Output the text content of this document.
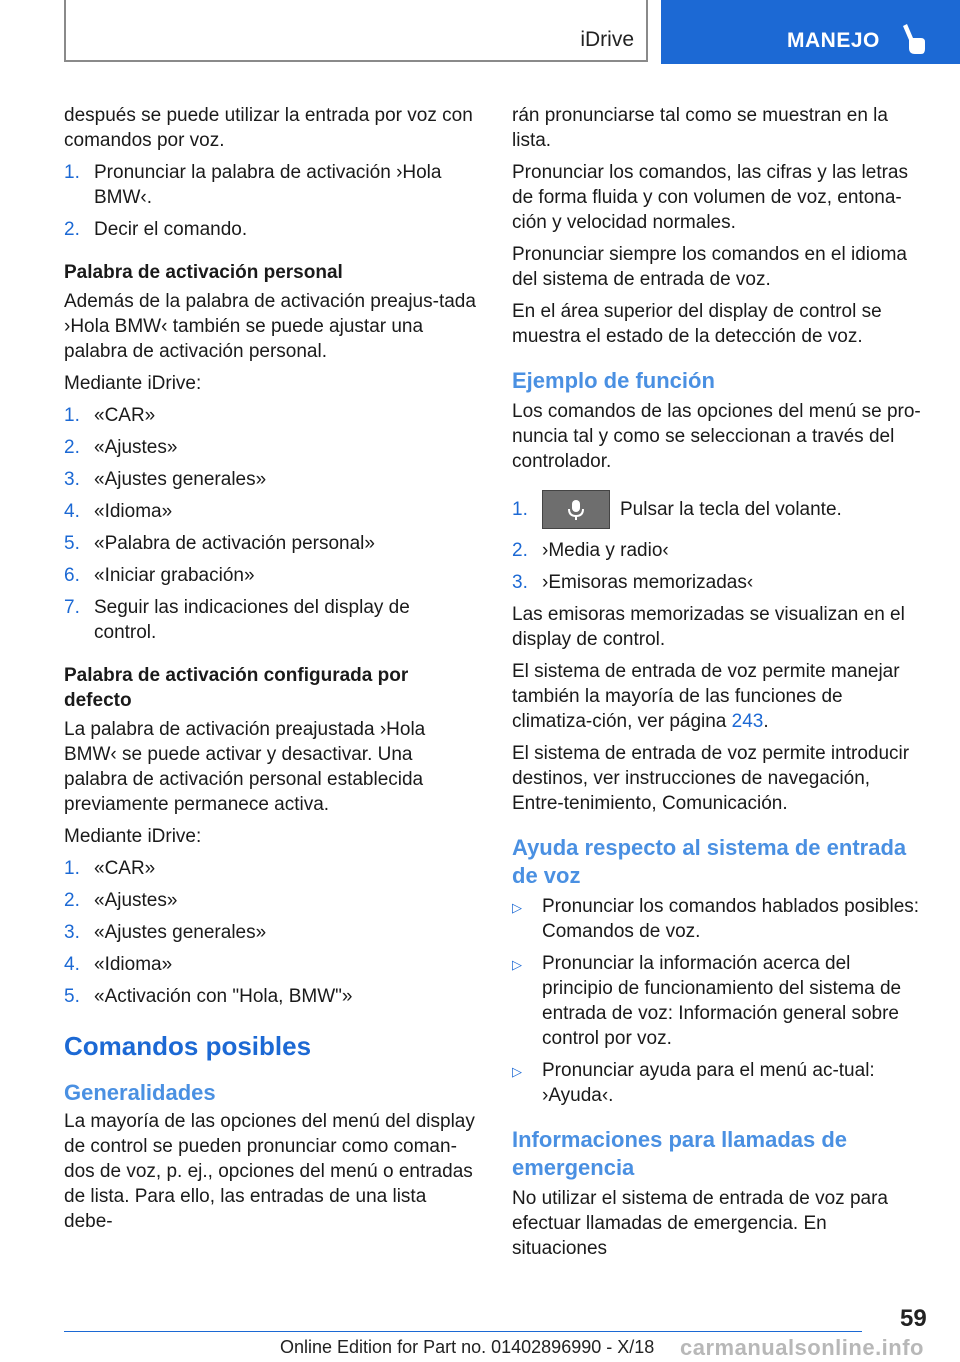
iDrive	MANEJO

después se puede utilizar la entrada por voz con comandos por voz.

1. Pronunciar la palabra de activación ›Hola BMW‹.
2. Decir el comando.
Palabra de activación personal

Además de la palabra de activación preajus‐tada ›Hola BMW‹ también se puede ajustar una palabra de activación personal.

Mediante iDrive:

1. «CAR»
2. «Ajustes»
3. «Ajustes generales»
4. «Idioma»
5. «Palabra de activación personal»
6. «Iniciar grabación»
7. Seguir las indicaciones del display de control.
Palabra de activación configurada por defecto

La palabra de activación preajustada ›Hola BMW‹ se puede activar y desactivar. Una palabra de activación personal establecida previamente permanece activa.

Mediante iDrive:

1. «CAR»
2. «Ajustes»
3. «Ajustes generales»
4. «Idioma»
5. «Activación con "Hola, BMW"»
Comandos posibles
Generalidades

La mayoría de las opciones del menú del display de control se pueden pronunciar como coman‐dos de voz, p. ej., opciones del menú o entradas de lista. Para ello, las entradas de una lista debe‐

rán pronunciarse tal como se muestran en la lista.

Pronunciar los comandos, las cifras y las letras de forma fluida y con volumen de voz, entona‐ción y velocidad normales.

Pronunciar siempre los comandos en el idioma del sistema de entrada de voz.

En el área superior del display de control se muestra el estado de la detección de voz.

Ejemplo de función

Los comandos de las opciones del menú se pro‐nuncia tal y como se seleccionan a través del controlador.

1.	Pulsar la tecla del volante.
2. ›Media y radio‹
3. ›Emisoras memorizadas‹

Las emisoras memorizadas se visualizan en el display de control.

El sistema de entrada de voz permite manejar también la mayoría de las funciones de climatiza‐ción, ver página 243.

El sistema de entrada de voz permite introducir destinos, ver instrucciones de navegación, Entre‐tenimiento, Comunicación.

Ayuda respecto al sistema de entrada de voz
▷	Pronunciar los comandos hablados posibles: Comandos de voz.
▷	Pronunciar la información acerca del principio de funcionamiento del sistema de entrada de voz: Información general sobre control por voz.
▷	Pronunciar ayuda para el menú ac‐tual: ›Ayuda‹.
Informaciones para llamadas de emergencia

No utilizar el sistema de entrada de voz para efectuar llamadas de emergencia. En situaciones

59
Online Edition for Part no. 01402896990 - X/18 carmanualsonline.info
